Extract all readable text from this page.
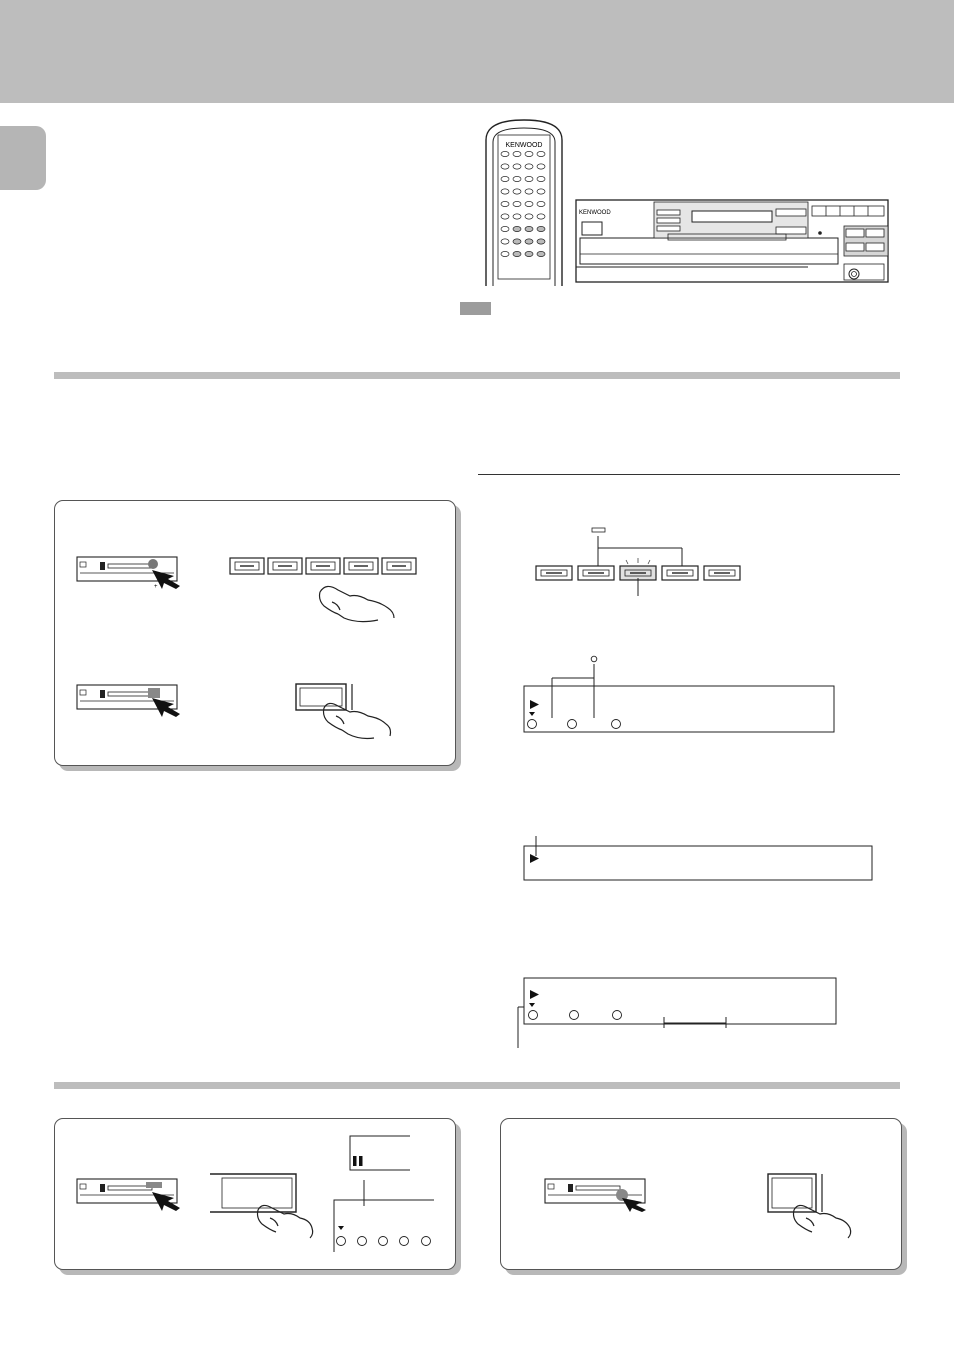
KENWOOD
KENWOOD
+
